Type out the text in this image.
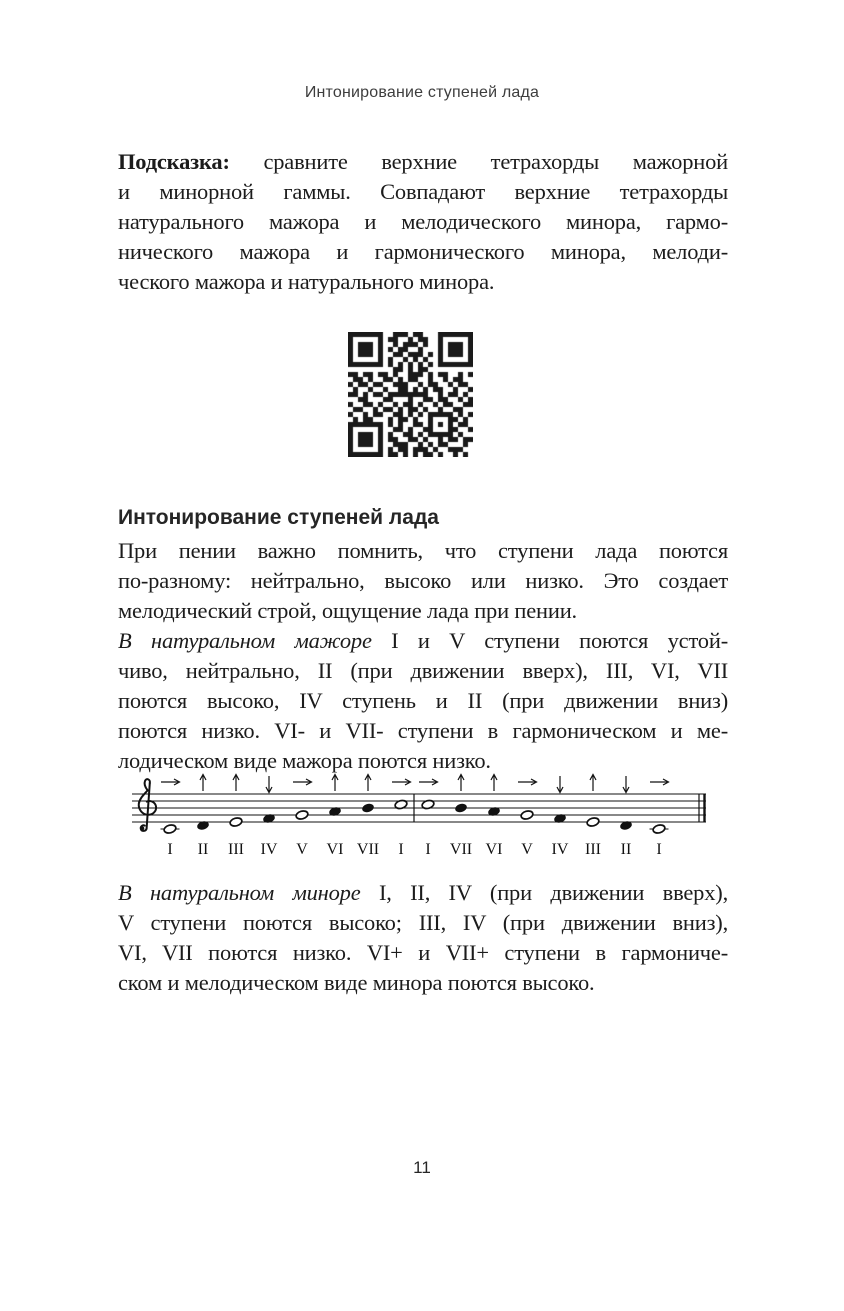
Интонирование ступеней лада
Подсказка: сравните верхние тетрахорды мажорной
и минорной гаммы. Совпадают верхние тетрахорды
натурального мажора и мелодического минора, гармо-
нического мажора и гармонического минора, мелоди-
ческого мажора и натурального минора.
Интонирование ступеней лада
При пении важно помнить, что ступени лада поются
по-разному: нейтрально, высоко или низко. Это создает
мелодический строй, ощущение лада при пении.
В натуральном мажоре I и V ступени поются устой-
чиво, нейтрально, II (при движении вверх), III, VI, VII
поются высоко, IV ступень и II (при движении вниз)
поются низко. VI- и VII- ступени в гармоническом и ме-
лодическом виде мажора поются низко.
I II III IV V VI VII I I VII VI V IV III II I
В натуральном миноре I, II, IV (при движении вверх),
V ступени поются высоко; III, IV (при движении вниз),
VI, VII поются низко. VI+ и VII+ ступени в гармониче-
ском и мелодическом виде минора поются высоко.
11
